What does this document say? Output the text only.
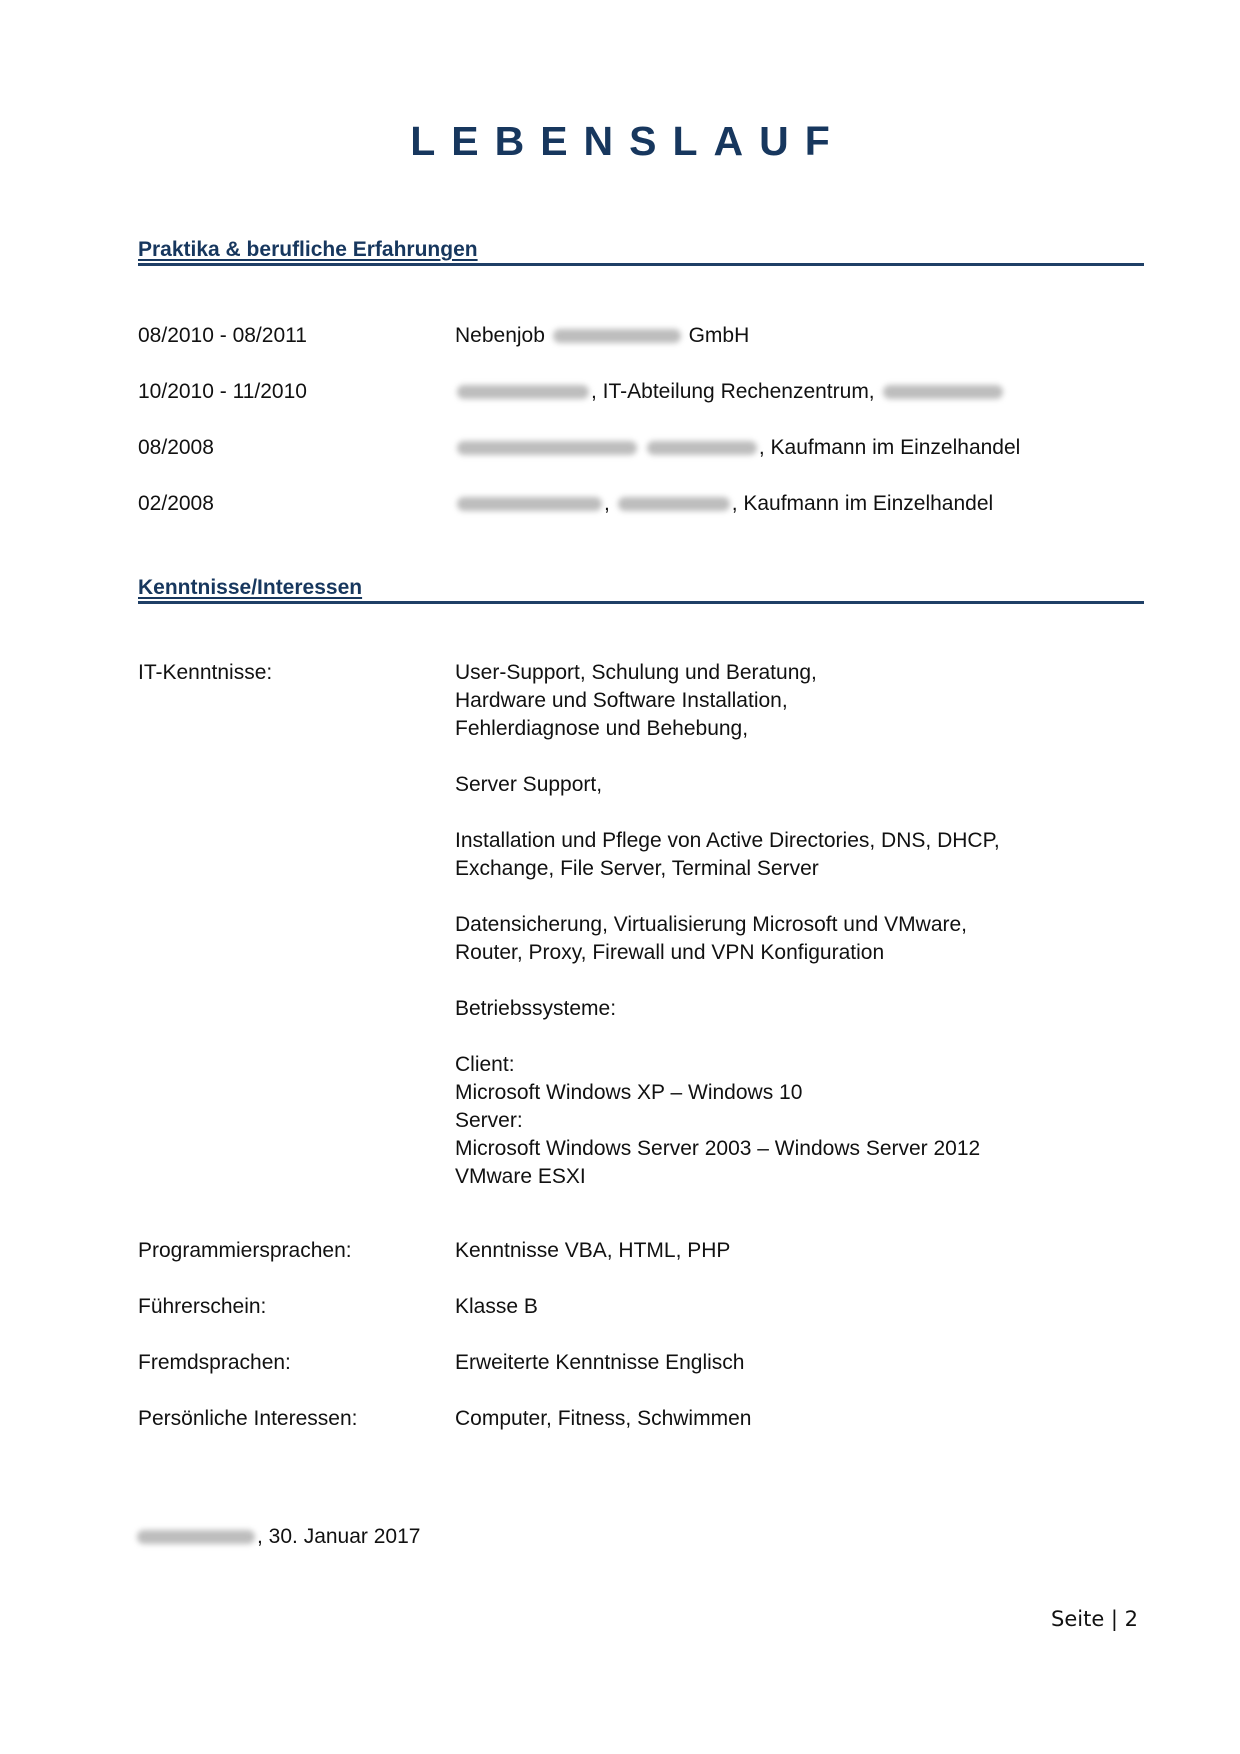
LEBENSLAUF
Praktika & berufliche Erfahrungen
08/2010 - 08/2011	Nebenjob	GmbH
10/2010 - 11/2010	, IT-Abteilung Rechenzentrum,
08/2008	, Kaufmann im Einzelhandel
02/2008	,	, Kaufmann im Einzelhandel
Kenntnisse/Interessen
IT-Kenntnisse:	User-Support, Schulung und Beratung,
Hardware und Software Installation,
Fehlerdiagnose und Behebung,
Server Support,
Installation und Pflege von Active Directories, DNS, DHCP,
Exchange, File Server, Terminal Server
Datensicherung, Virtualisierung Microsoft und VMware,
Router, Proxy, Firewall und VPN Konfiguration
Betriebssysteme:
Client:
Microsoft Windows XP – Windows 10
Server:
Microsoft Windows Server 2003 – Windows Server 2012
VMware ESXI
Programmiersprachen:	Kenntnisse VBA, HTML, PHP
Führerschein:	Klasse B
Fremdsprachen:	Erweiterte Kenntnisse Englisch
Persönliche Interessen:	Computer, Fitness, Schwimmen
, 30. Januar 2017
Seite | 2
